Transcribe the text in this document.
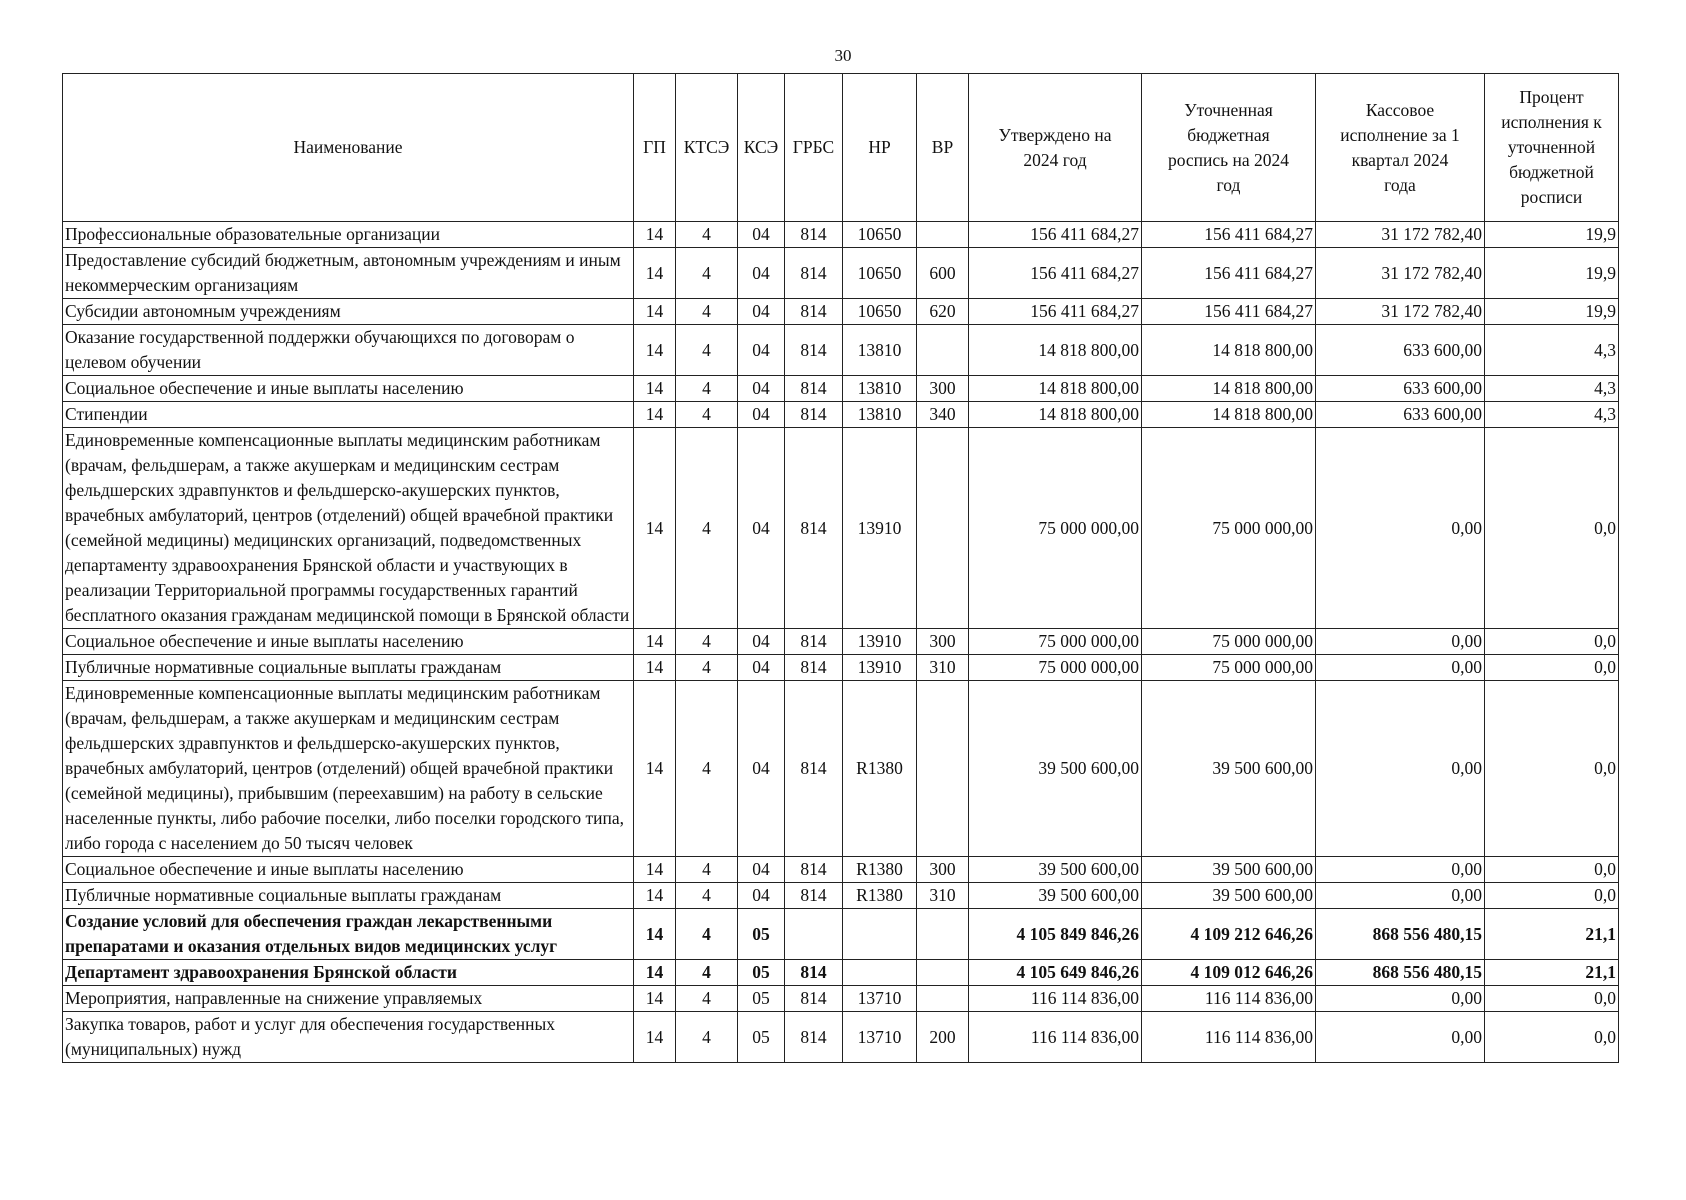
30
Наименование	ГП	КТСЭ	КСЭ	ГРБС	НР	ВР	Утверждено на 2024 год	Уточненная бюджетная роспись на 2024 год	Кассовое исполнение за 1 квартал 2024 года	Процент исполнения к уточненной бюджетной росписи
Профессиональные образовательные организации	14	4	04	814	10650		156 411 684,27	156 411 684,27	31 172 782,40	19,9
Предоставление субсидий бюджетным, автономным учреждениям и иным некоммерческим организациям	14	4	04	814	10650	600	156 411 684,27	156 411 684,27	31 172 782,40	19,9
Субсидии автономным учреждениям	14	4	04	814	10650	620	156 411 684,27	156 411 684,27	31 172 782,40	19,9
Оказание государственной поддержки обучающихся по договорам о целевом обучении	14	4	04	814	13810		14 818 800,00	14 818 800,00	633 600,00	4,3
Социальное обеспечение и иные выплаты населению	14	4	04	814	13810	300	14 818 800,00	14 818 800,00	633 600,00	4,3
Стипендии	14	4	04	814	13810	340	14 818 800,00	14 818 800,00	633 600,00	4,3
Единовременные компенсационные выплаты медицинским работникам (врачам, фельдшерам, а также акушеркам и медицинским сестрам фельдшерских здравпунктов и фельдшерско-акушерских пунктов, врачебных амбулаторий, центров (отделений) общей врачебной практики (семейной медицины) медицинских организаций, подведомственных департаменту здравоохранения Брянской области и участвующих в реализации Территориальной программы государственных гарантий бесплатного оказания гражданам медицинской помощи в Брянской области	14	4	04	814	13910		75 000 000,00	75 000 000,00	0,00	0,0
Социальное обеспечение и иные выплаты населению	14	4	04	814	13910	300	75 000 000,00	75 000 000,00	0,00	0,0
Публичные нормативные социальные выплаты гражданам	14	4	04	814	13910	310	75 000 000,00	75 000 000,00	0,00	0,0
Единовременные компенсационные выплаты медицинским работникам (врачам, фельдшерам, а также акушеркам и медицинским сестрам фельдшерских здравпунктов и фельдшерско-акушерских пунктов, врачебных амбулаторий, центров (отделений) общей врачебной практики (семейной медицины), прибывшим (переехавшим) на работу в сельские населенные пункты, либо рабочие поселки, либо поселки городского типа, либо города с населением до 50 тысяч человек	14	4	04	814	R1380		39 500 600,00	39 500 600,00	0,00	0,0
Социальное обеспечение и иные выплаты населению	14	4	04	814	R1380	300	39 500 600,00	39 500 600,00	0,00	0,0
Публичные нормативные социальные выплаты гражданам	14	4	04	814	R1380	310	39 500 600,00	39 500 600,00	0,00	0,0
Создание условий для обеспечения граждан лекарственными препаратами и оказания отдельных видов медицинских услуг	14	4	05				4 105 849 846,26	4 109 212 646,26	868 556 480,15	21,1
Департамент здравоохранения Брянской области	14	4	05	814			4 105 649 846,26	4 109 012 646,26	868 556 480,15	21,1
Мероприятия, направленные на снижение управляемых	14	4	05	814	13710		116 114 836,00	116 114 836,00	0,00	0,0
Закупка товаров, работ и услуг для обеспечения государственных (муниципальных) нужд	14	4	05	814	13710	200	116 114 836,00	116 114 836,00	0,00	0,0
